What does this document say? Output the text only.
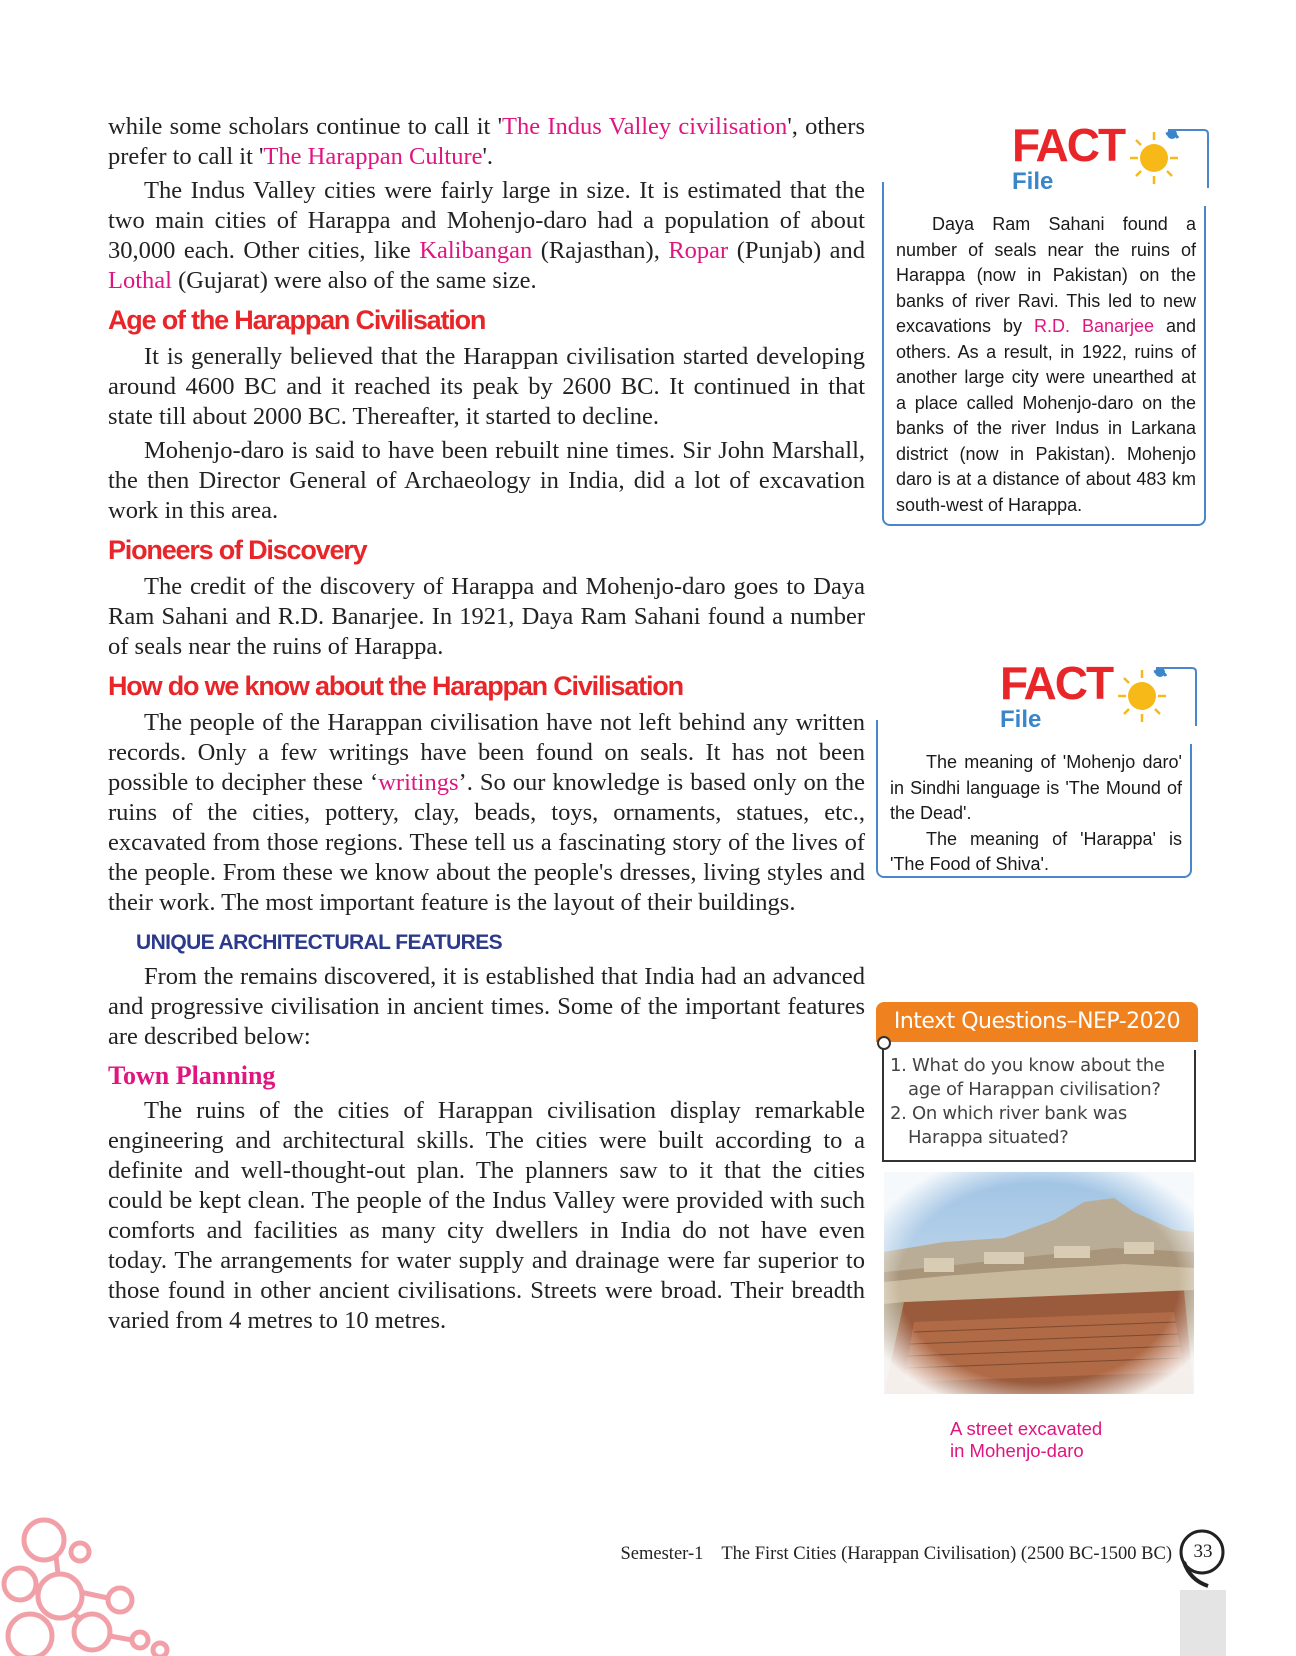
while some scholars continue to call it 'The Indus Valley civilisation', others prefer to call it 'The Harappan Culture'.

The Indus Valley cities were fairly large in size. It is estimated that the two main cities of Harappa and Mohenjo-daro had a population of about 30,000 each. Other cities, like Kalibangan (Rajasthan), Ropar (Punjab) and Lothal (Gujarat) were also of the same size.

Age of the Harappan Civilisation

It is generally believed that the Harappan civilisation started developing around 4600 BC and it reached its peak by 2600 BC. It continued in that state till about 2000 BC. Thereafter, it started to decline.

Mohenjo-daro is said to have been rebuilt nine times. Sir John Marshall, the then Director General of Archaeology in India, did a lot of excavation work in this area.

Pioneers of Discovery

The credit of the discovery of Harappa and Mohenjo-daro goes to Daya Ram Sahani and R.D. Banarjee. In 1921, Daya Ram Sahani found a number of seals near the ruins of Harappa.

How do we know about the Harappan Civilisation

The people of the Harappan civilisation have not left behind any written records. Only a few writings have been found on seals. It has not been possible to decipher these ‘writings’. So our knowledge is based only on the ruins of the cities, pottery, clay, beads, toys, ornaments, statues, etc., excavated from those regions. These tell us a fascinating story of the lives of the people. From these we know about the people's dresses, living styles and their work. The most important feature is the layout of their buildings.

UNIQUE ARCHITECTURAL FEATURES

From the remains discovered, it is established that India had an advanced and progressive civilisation in ancient times. Some of the important features are described below:

Town Planning

The ruins of the cities of Harappan civilisation display remarkable engineering and architectural skills. The cities were built according to a definite and well-thought-out plan. The planners saw to it that the cities could be kept clean. The people of the Indus Valley were provided with such comforts and facilities as many city dwellers in India do not have even today. The arrangements for water supply and drainage were far superior to those found in other ancient civilisations. Streets were broad. Their breadth varied from 4 metres to 10 metres.

FACT
File

Daya Ram Sahani found a number of seals near the ruins of Harappa (now in Pakistan) on the banks of river Ravi. This led to new excavations by R.D. Banarjee and others. As a result, in 1922, ruins of another large city were unearthed at a place called Mohenjo-daro on the banks of the river Indus in Larkana district (now in Pakistan). Mohenjo daro is at a distance of about 483 km south-west of Harappa.

FACT
File

The meaning of 'Mohenjo daro' in Sindhi language is 'The Mound of the Dead'.

The meaning of 'Harappa' is 'The Food of Shiva'.

Intext Questions–NEP-2020

1. What do you know about the age of Harappan civilisation?

2. On which river bank was Harappa situated?

A street excavated
in Mohenjo-daro
Semester-1 The First Cities (Harappan Civilisation) (2500 BC-1500 BC)	33
